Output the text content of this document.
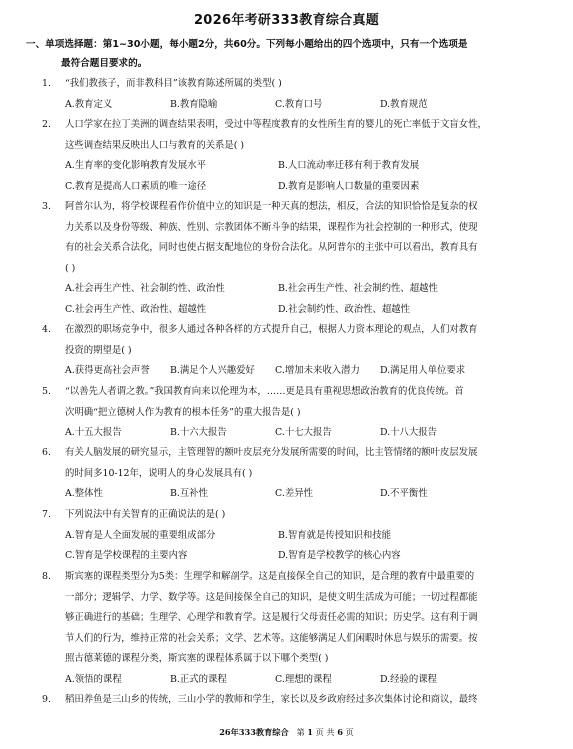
2026年考研333教育综合真题
一、单项选择题：第1~30小题，每小题2分，共60分。下列每小题给出的四个选项中，只有一个选项是
最符合题目要求的。
1.	“我们教孩子，而非教科目”该教育陈述所属的类型( )
A.教育定义	B.教育隐喻	C.教育口号	D.教育规范
2.	人口学家在拉丁美洲的调查结果表明，受过中等程度教育的女性所生育的婴儿的死亡率低于文盲女性，
这些调查结果反映出人口与教育的关系是( )
A.生育率的变化影响教育发展水平	B.人口流动率迁移有利于教育发展
C.教育是提高人口素质的唯一途径	D.教育是影响人口数量的重要因素
3.	阿普尔认为，将学校课程看作价值中立的知识是一种天真的想法，相反，合法的知识恰恰是复杂的权
力关系以及身份等级、种族、性别、宗教团体不断斗争的结果，课程作为社会控制的一种形式，使现
有的社会关系合法化，同时也使占据支配地位的身份合法化。从阿普尔的主张中可以看出，教育具有
( )
A.社会再生产性、社会制约性、政治性	B.社会再生产性、社会制约性、超越性
C.社会再生产性、政治性、超越性	D.社会制约性、政治性、超越性
4.	在激烈的职场竞争中，很多人通过各种各样的方式提升自己，根据人力资本理论的观点，人们对教育
投资的期望是( )
A.获得更高社会声誉	B.满足个人兴趣爱好	C.增加未来收入潜力	D.满足用人单位要求
5.	“以善先人者谓之教。”我国教育向来以伦理为本，……更是具有重视思想政治教育的优良传统。首
次明确“把立德树人作为教育的根本任务”的重大报告是( )
A.十五大报告	B.十六大报告	C.十七大报告	D.十八大报告
6.	有关人脑发展的研究显示，主管理智的额叶皮层充分发展所需要的时间，比主管情绪的额叶皮层发展
的时间多10-12年，说明人的身心发展具有( )
A.整体性	B.互补性	C.差异性	D.不平衡性
7.	下列说法中有关智育的正确说法的是( )
A.智育是人全面发展的重要组成部分	B.智育就是传授知识和技能
C.智育是学校课程的主要内容	D.智育是学校教学的核心内容
8.	斯宾塞的课程类型分为5类：生理学和解剖学。这是直接保全自己的知识，是合理的教育中最重要的
一部分；逻辑学、力学、数学等。这是间接保全自己的知识，是使文明生活成为可能；一切过程都能
够正确进行的基础；生理学、心理学和教育学。这是履行父母责任必需的知识；历史学。这有利于调
节人们的行为，维持正常的社会关系；文学、艺术等。这能够满足人们闲暇时休息与娱乐的需要。按
照古德莱德的课程分类，斯宾塞的课程体系属于以下哪个类型( )
A.领悟的课程	B.正式的课程	C.理想的课程	D.经验的课程
9.	稻田养鱼是三山乡的传统，三山小学的教师和学生，家长以及乡政府经过多次集体讨论和商议，最终
26年333教育综合 第 1 页 共 6 页
